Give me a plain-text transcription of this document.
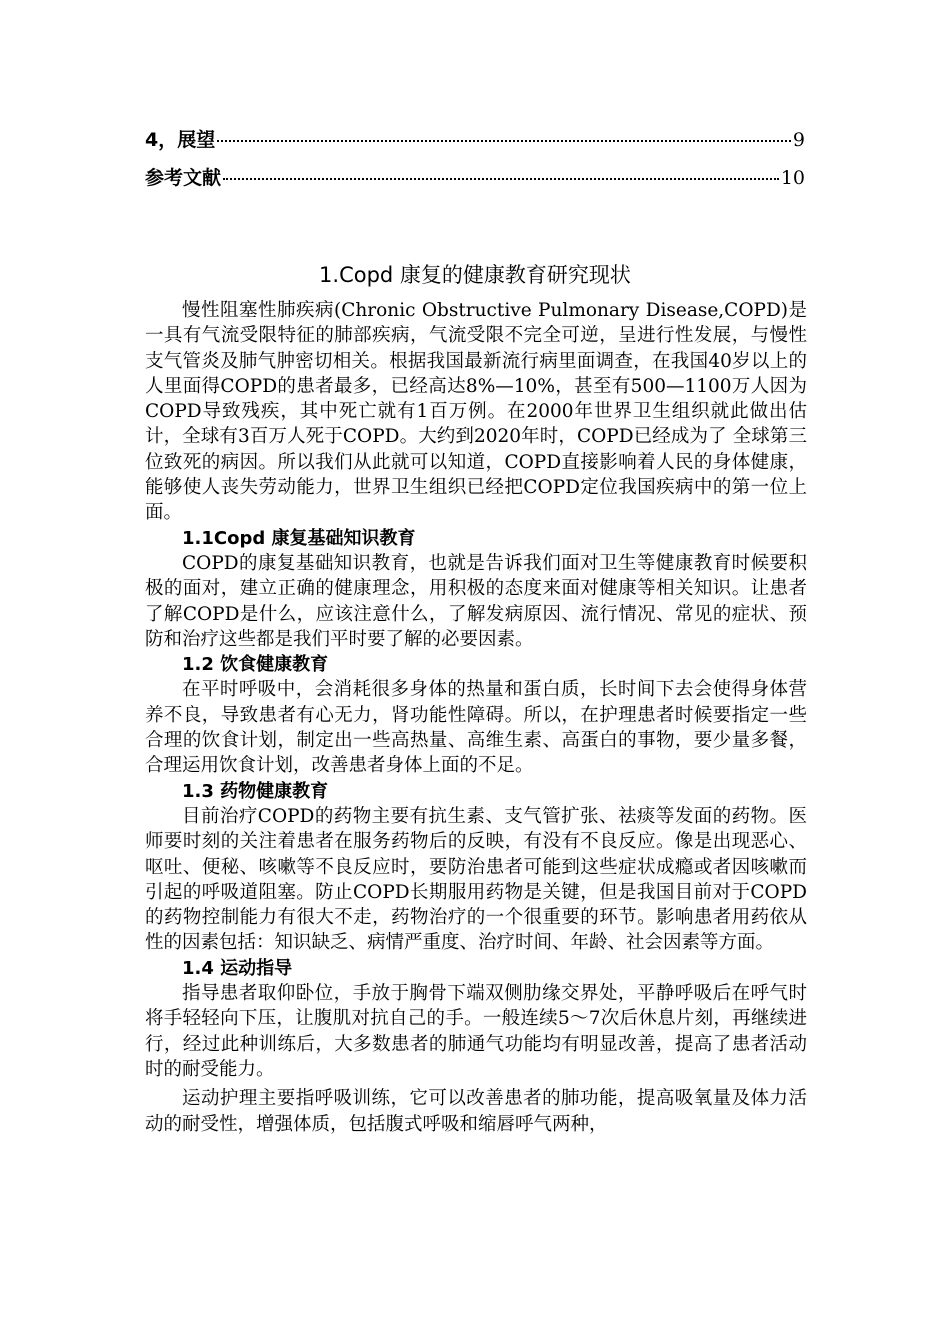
4，展望	9
参考文献	10
1.Copd 康复的健康教育研究现状

慢性阻塞性肺疾病(Chronic Obstructive Pulmonary Disease,COPD)是一具有气流受限特征的肺部疾病，气流受限不完全可逆，呈进行性发展，与慢性支气管炎及肺气肿密切相关。根据我国最新流行病里面调查，在我国40岁以上的人里面得COPD的患者最多，已经高达8%—10%，甚至有500—1100万人因为COPD导致残疾，其中死亡就有1百万例。在2000年世界卫生组织就此做出估计，全球有3百万人死于COPD。大约到2020年时，COPD已经成为了 全球第三位致死的病因。所以我们从此就可以知道，COPD直接影响着人民的身体健康，能够使人丧失劳动能力，世界卫生组织已经把COPD定位我国疾病中的第一位上面。

1.1Copd 康复基础知识教育

COPD的康复基础知识教育，也就是告诉我们面对卫生等健康教育时候要积极的面对，建立正确的健康理念，用积极的态度来面对健康等相关知识。让患者了解COPD是什么，应该注意什么，了解发病原因、流行情况、常见的症状、预防和治疗这些都是我们平时要了解的必要因素。

1.2 饮食健康教育

在平时呼吸中，会消耗很多身体的热量和蛋白质，长时间下去会使得身体营养不良，导致患者有心无力，肾功能性障碍。所以，在护理患者时候要指定一些合理的饮食计划，制定出一些高热量、高维生素、高蛋白的事物，要少量多餐，合理运用饮食计划，改善患者身体上面的不足。

1.3 药物健康教育

目前治疗COPD的药物主要有抗生素、支气管扩张、祛痰等发面的药物。医师要时刻的关注着患者在服务药物后的反映，有没有不良反应。像是出现恶心、呕吐、便秘、咳嗽等不良反应时，要防治患者可能到这些症状成瘾或者因咳嗽而引起的呼吸道阻塞。防止COPD长期服用药物是关键，但是我国目前对于COPD的药物控制能力有很大不走，药物治疗的一个很重要的环节。影响患者用药依从性的因素包括：知识缺乏、病情严重度、治疗时间、年龄、社会因素等方面。

1.4 运动指导

指导患者取仰卧位，手放于胸骨下端双侧肋缘交界处，平静呼吸后在呼气时将手轻轻向下压，让腹肌对抗自己的手。一般连续5～7次后休息片刻，再继续进行，经过此种训练后，大多数患者的肺通气功能均有明显改善，提高了患者活动时的耐受能力。

运动护理主要指呼吸训练，它可以改善患者的肺功能，提高吸氧量及体力活动的耐受性，增强体质，包括腹式呼吸和缩唇呼气两种，
